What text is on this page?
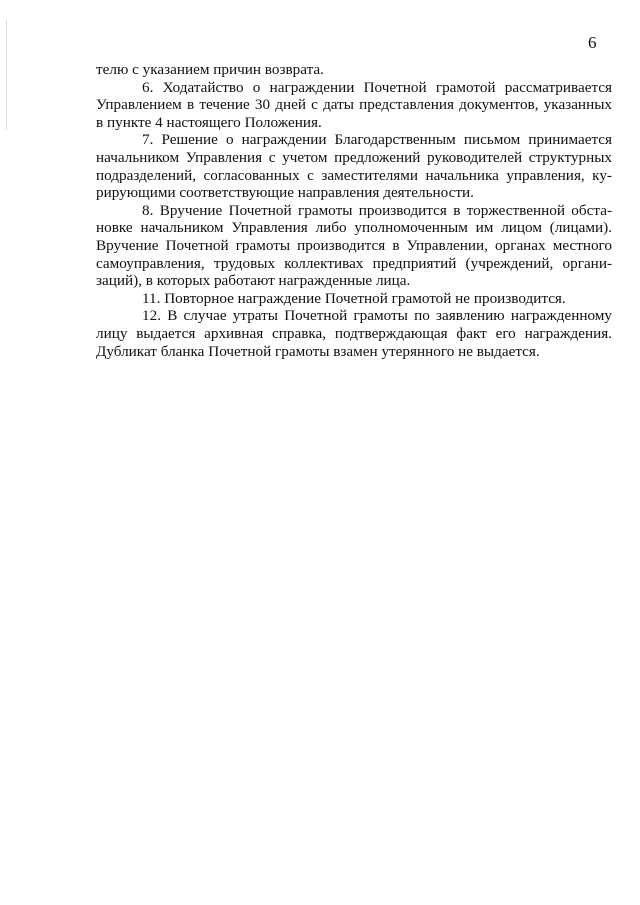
6
телю с указанием причин возврата.
6. Ходатайство о награждении Почетной грамотой рассматривается
Управлением в течение 30 дней с даты представления документов, указанных
в пункте 4 настоящего Положения.
7. Решение о награждении Благодарственным письмом принимается
начальником Управления с учетом предложений руководителей структурных
подразделений, согласованных с заместителями начальника управления, ку-
рирующими соответствующие направления деятельности.
8. Вручение Почетной грамоты производится в торжественной обста-
новке начальником Управления либо уполномоченным им лицом (лицами).
Вручение Почетной грамоты производится в Управлении, органах местного
самоуправления, трудовых коллективах предприятий (учреждений, органи-
заций), в которых работают награжденные лица.
11. Повторное награждение Почетной грамотой не производится.
12. В случае утраты Почетной грамоты по заявлению награжденному
лицу выдается архивная справка, подтверждающая факт его награждения.
Дубликат бланка Почетной грамоты взамен утерянного не выдается.
